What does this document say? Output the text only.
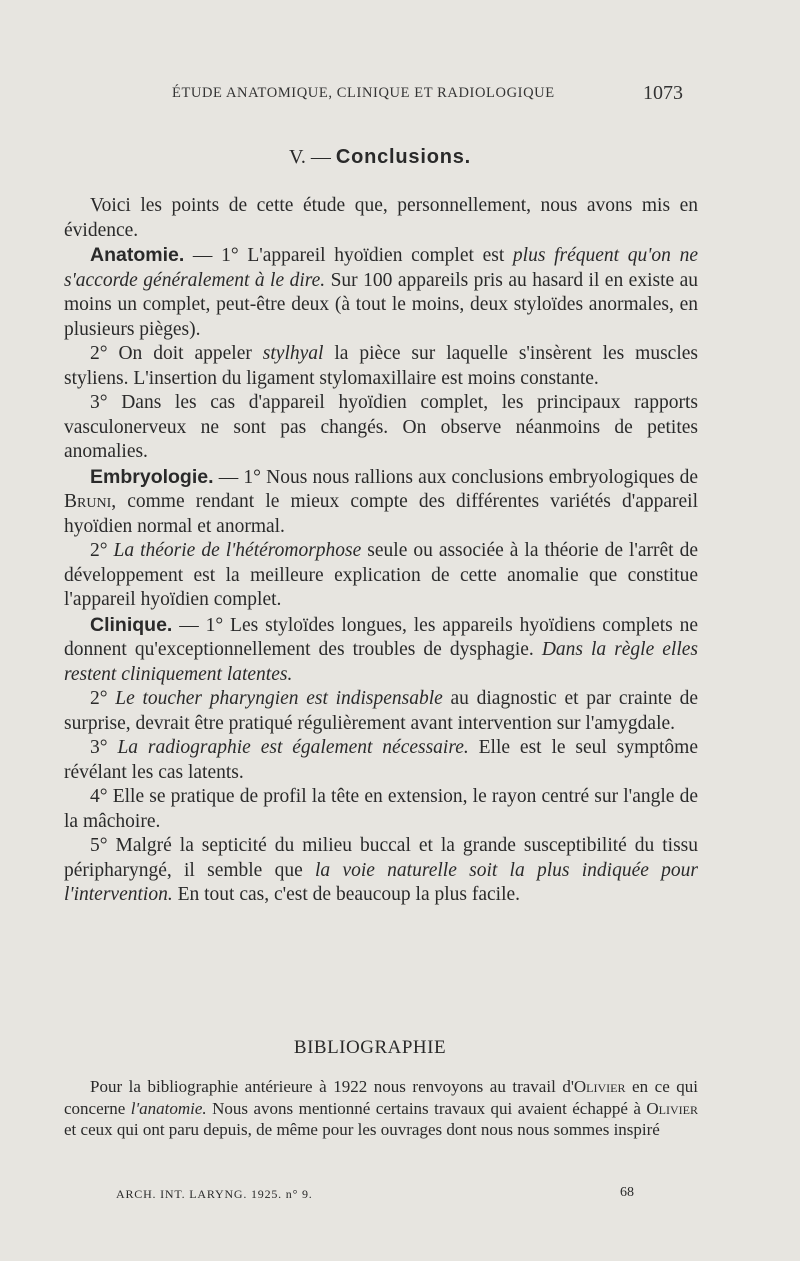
ÉTUDE ANATOMIQUE, CLINIQUE ET RADIOLOGIQUE	1073
V. — Conclusions.

Voici les points de cette étude que, personnellement, nous avons mis en évidence.

Anatomie. — 1° L'appareil hyoïdien complet est plus fréquent qu'on ne s'accorde généralement à le dire. Sur 100 appareils pris au hasard il en existe au moins un complet, peut-être deux (à tout le moins, deux styloïdes anormales, en plusieurs pièges).

2° On doit appeler stylhyal la pièce sur laquelle s'insèrent les muscles styliens. L'insertion du ligament stylomaxillaire est moins constante.

3° Dans les cas d'appareil hyoïdien complet, les principaux rapports vasculonerveux ne sont pas changés. On observe néanmoins de petites anomalies.

Embryologie. — 1° Nous nous rallions aux conclusions embryologiques de Bruni, comme rendant le mieux compte des différentes variétés d'appareil hyoïdien normal et anormal.

2° La théorie de l'hétéromorphose seule ou associée à la théorie de l'arrêt de développement est la meilleure explication de cette anomalie que constitue l'appareil hyoïdien complet.

Clinique. — 1° Les styloïdes longues, les appareils hyoïdiens complets ne donnent qu'exceptionnellement des troubles de dysphagie. Dans la règle elles restent cliniquement latentes.

2° Le toucher pharyngien est indispensable au diagnostic et par crainte de surprise, devrait être pratiqué régulièrement avant intervention sur l'amygdale.

3° La radiographie est également nécessaire. Elle est le seul symptôme révélant les cas latents.

4° Elle se pratique de profil la tête en extension, le rayon centré sur l'angle de la mâchoire.

5° Malgré la septicité du milieu buccal et la grande susceptibilité du tissu péripharyngé, il semble que la voie naturelle soit la plus indiquée pour l'intervention. En tout cas, c'est de beaucoup la plus facile.

BIBLIOGRAPHIE

Pour la bibliographie antérieure à 1922 nous renvoyons au travail d'Olivier en ce qui concerne l'anatomie. Nous avons mentionné certains travaux qui avaient échappé à Olivier et ceux qui ont paru depuis, de même pour les ouvrages dont nous nous sommes inspiré

ARCH. INT. LARYNG. 1925. n° 9.	68
